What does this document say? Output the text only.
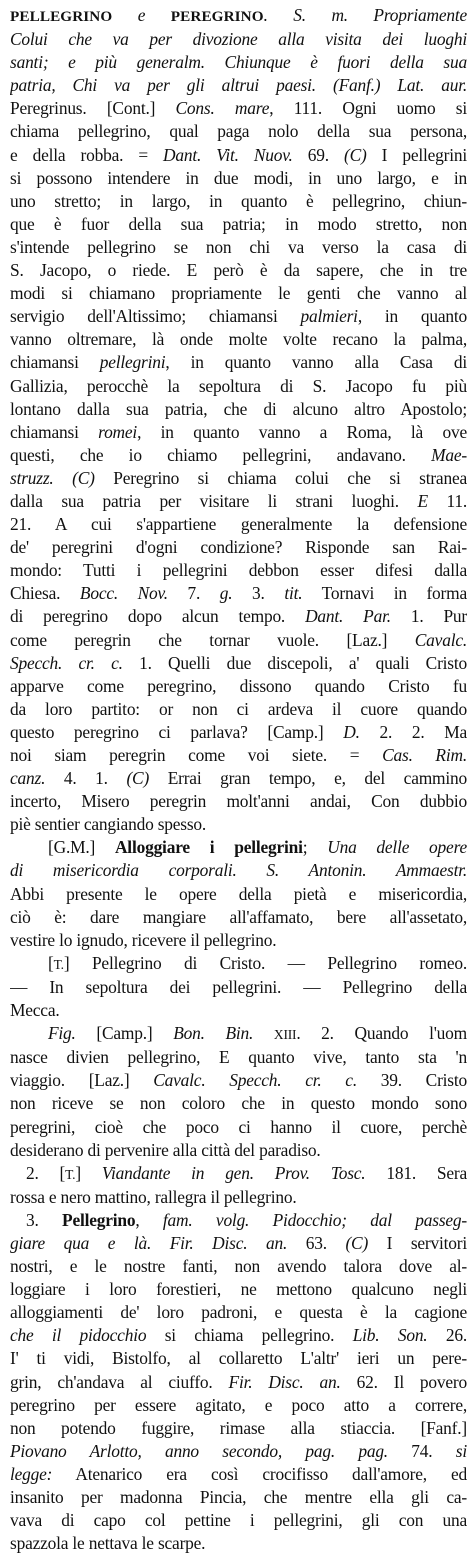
PELLEGRINO e PEREGRINO. S. m. Propriamente
Colui che va per divozione alla visita dei luoghi
santi; e più generalm. Chiunque è fuori della sua
patria, Chi va per gli altrui paesi. (Fanf.) Lat. aur.
Peregrinus. [Cont.] Cons. mare, 111. Ogni uomo si
chiama pellegrino, qual paga nolo della sua persona,
e della robba. = Dant. Vit. Nuov. 69. (C) I pellegrini
si possono intendere in due modi, in uno largo, e in
uno stretto; in largo, in quanto è pellegrino, chiun-
que è fuor della sua patria; in modo stretto, non
s'intende pellegrino se non chi va verso la casa di
S. Jacopo, o riede. E però è da sapere, che in tre
modi si chiamano propriamente le genti che vanno al
servigio dell'Altissimo; chiamansi palmieri, in quanto
vanno oltremare, là onde molte volte recano la palma,
chiamansi pellegrini, in quanto vanno alla Casa di
Gallizia, perocchè la sepoltura di S. Jacopo fu più
lontano dalla sua patria, che di alcuno altro Apostolo;
chiamansi romei, in quanto vanno a Roma, là ove
questi, che io chiamo pellegrini, andavano. Mae-
struzz. (C) Peregrino si chiama colui che si stranea
dalla sua patria per visitare li strani luoghi. E 11.
21. A cui s'appartiene generalmente la defensione
de' peregrini d'ogni condizione? Risponde san Rai-
mondo: Tutti i pellegrini debbon esser difesi dalla
Chiesa. Bocc. Nov. 7. g. 3. tit. Tornavi in forma
di peregrino dopo alcun tempo. Dant. Par. 1. Pur
come peregrin che tornar vuole. [Laz.] Cavalc.
Specch. cr. c. 1. Quelli due discepoli, a' quali Cristo
apparve come peregrino, dissono quando Cristo fu
da loro partito: or non ci ardeva il cuore quando
questo peregrino ci parlava? [Camp.] D. 2. 2. Ma
noi siam peregrin come voi siete. = Cas. Rim.
canz. 4. 1. (C) Errai gran tempo, e, del cammino
incerto, Misero peregrin molt'anni andai, Con dubbio
piè sentier cangiando spesso.
[G.M.] Alloggiare i pellegrini; Una delle opere
di misericordia corporali. S. Antonin. Ammaestr.
Abbi presente le opere della pietà e misericordia,
ciò è: dare mangiare all'affamato, bere all'assetato,
vestire lo ignudo, ricevere il pellegrino.
[T.] Pellegrino di Cristo. — Pellegrino romeo.
— In sepoltura dei pellegrini. — Pellegrino della
Mecca.
Fig. [Camp.] Bon. Bin. XIII. 2. Quando l'uom
nasce divien pellegrino, E quanto vive, tanto sta 'n
viaggio. [Laz.] Cavalc. Specch. cr. c. 39. Cristo
non riceve se non coloro che in questo mondo sono
peregrini, cioè che poco ci hanno il cuore, perchè
desiderano di pervenire alla città del paradiso.
2. [T.] Viandante in gen. Prov. Tosc. 181. Sera
rossa e nero mattino, rallegra il pellegrino.
3. Pellegrino, fam. volg. Pidocchio; dal passeg-
giare qua e là. Fir. Disc. an. 63. (C) I servitori
nostri, e le nostre fanti, non avendo talora dove al-
loggiare i loro forestieri, ne mettono qualcuno negli
alloggiamenti de' loro padroni, e questa è la cagione
che il pidocchio si chiama pellegrino. Lib. Son. 26.
I' ti vidi, Bistolfo, al collaretto L'altr' ieri un pere-
grin, ch'andava al ciuffo. Fir. Disc. an. 62. Il povero
peregrino per essere agitato, e poco atto a correre,
non potendo fuggire, rimase alla stiaccia. [Fanf.]
Piovano Arlotto, anno secondo, pag. pag. 74. si
legge: Atenarico era così crocifisso dall'amore, ed
insanito per madonna Pincia, che mentre ella gli ca-
vava di capo col pettine i pellegrini, gli con una
spazzola le nettava le scarpe.
